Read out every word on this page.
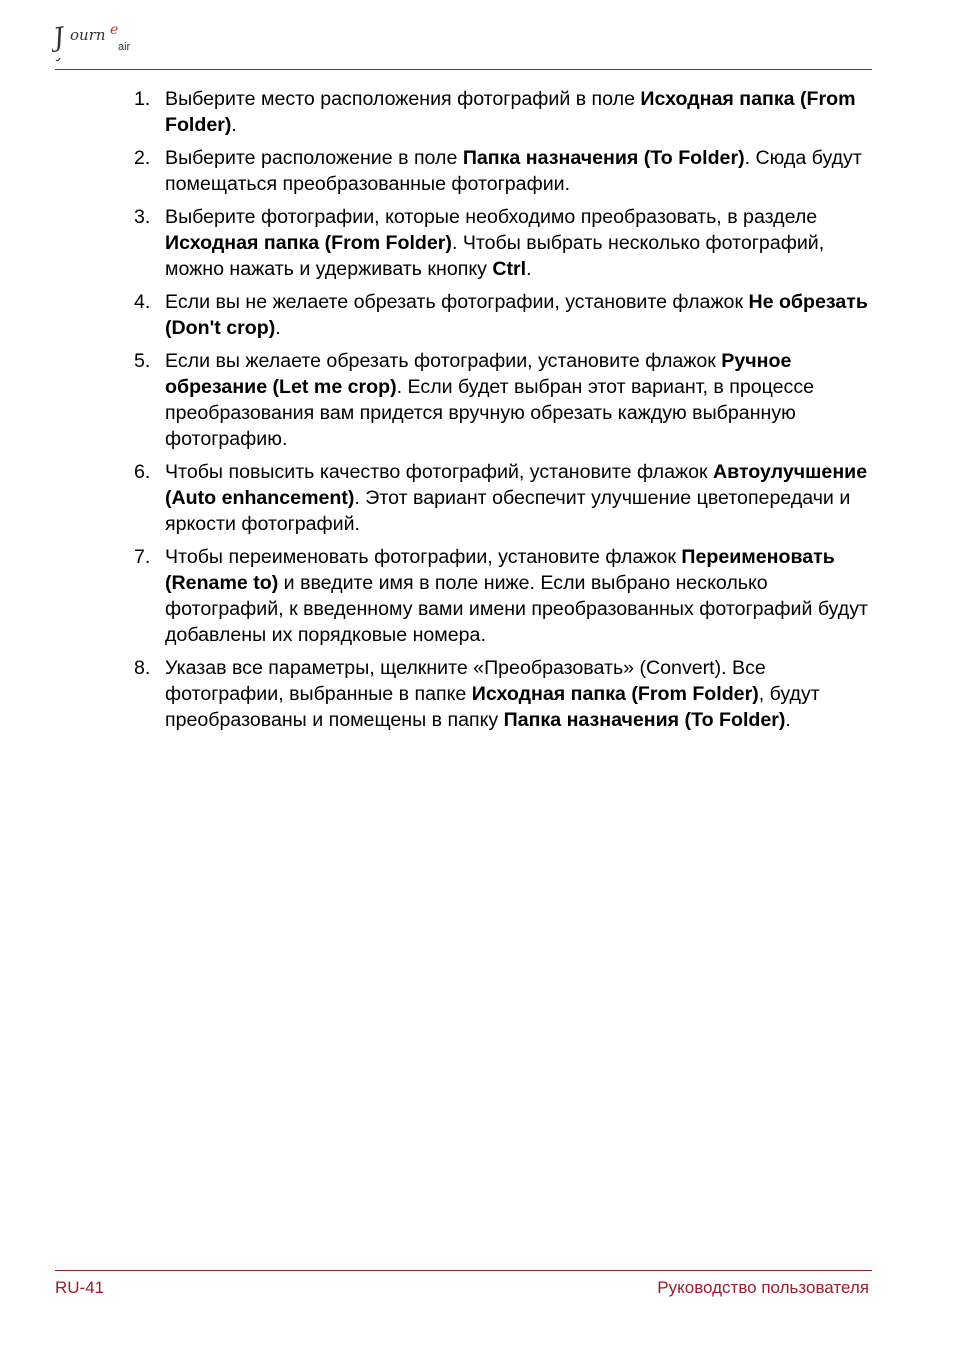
J ourn e
air
1. Выберите место расположения фотографий в поле Исходная папка (From Folder).
2. Выберите расположение в поле Папка назначения (To Folder). Сюда будут помещаться преобразованные фотографии.
3. Выберите фотографии, которые необходимо преобразовать, в разделе Исходная папка (From Folder). Чтобы выбрать несколько фотографий, можно нажать и удерживать кнопку Ctrl.
4. Если вы не желаете обрезать фотографии, установите флажок Не обрезать (Don't crop).
5. Если вы желаете обрезать фотографии, установите флажок Ручное обрезание (Let me crop). Если будет выбран этот вариант, в процессе преобразования вам придется вручную обрезать каждую выбранную фотографию.
6. Чтобы повысить качество фотографий, установите флажок Автоулучшение (Auto enhancement). Этот вариант обеспечит улучшение цветопередачи и яркости фотографий.
7. Чтобы переименовать фотографии, установите флажок Переименовать (Rename to) и введите имя в поле ниже. Если выбрано несколько фотографий, к введенному вами имени преобразованных фотографий будут добавлены их порядковые номера.
8. Указав все параметры, щелкните «Преобразовать» (Convert). Все фотографии, выбранные в папке Исходная папка (From Folder), будут преобразованы и помещены в папку Папка назначения (To Folder).
RU-41	Руководство пользователя
